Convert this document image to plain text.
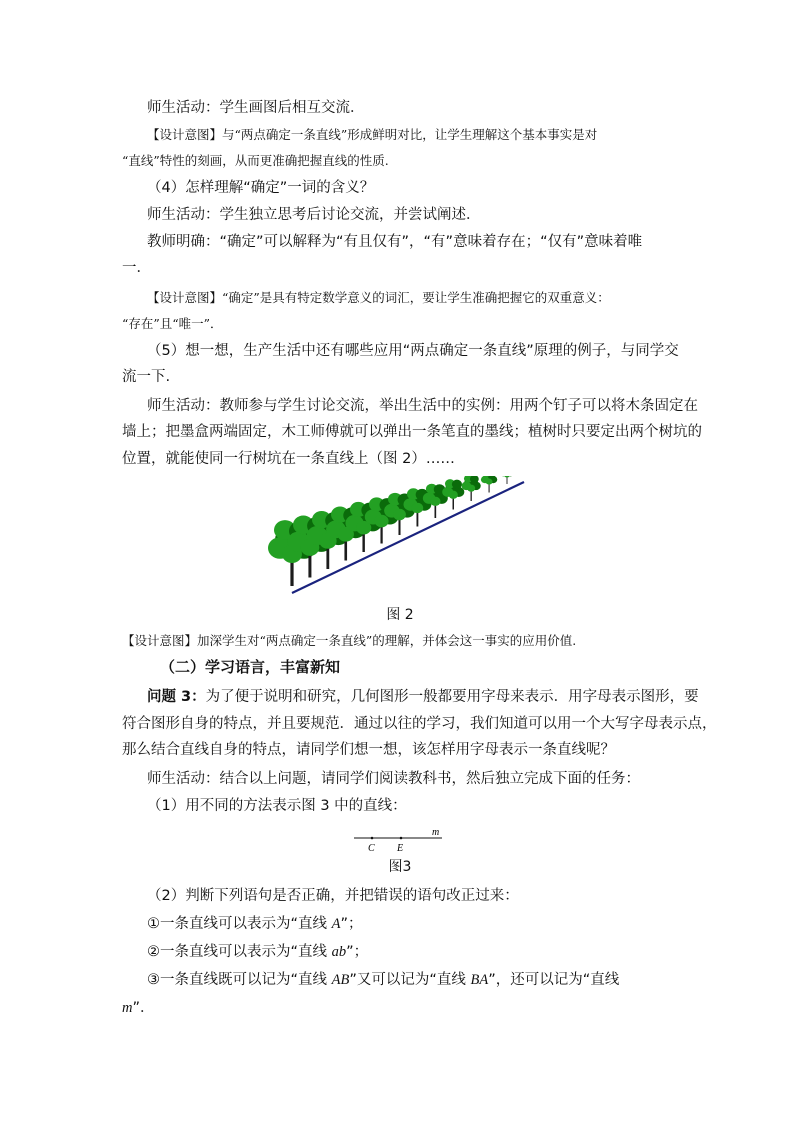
师生活动：学生画图后相互交流．
【设计意图】与“两点确定一条直线”形成鲜明对比，让学生理解这个基本事实是对
“直线”特性的刻画，从而更准确把握直线的性质.
（4）怎样理解“确定”一词的含义？
师生活动：学生独立思考后讨论交流，并尝试阐述．
教师明确：“确定”可以解释为“有且仅有”，“有”意味着存在；“仅有”意味着唯
一．
【设计意图】“确定”是具有特定数学意义的词汇，要让学生准确把握它的双重意义：
“存在”且“唯一”．
（5）想一想，生产生活中还有哪些应用“两点确定一条直线”原理的例子，与同学交
流一下.
师生活动：教师参与学生讨论交流，举出生活中的实例：用两个钉子可以将木条固定在
墙上；把墨盒两端固定，木工师傅就可以弹出一条笔直的墨线；植树时只要定出两个树坑的
位置，就能使同一行树坑在一条直线上（图 2）……
图 2
【设计意图】加深学生对“两点确定一条直线”的理解，并体会这一事实的应用价值.
（二）学习语言，丰富新知
问题 3：为了便于说明和研究，几何图形一般都要用字母来表示．用字母表示图形，要
符合图形自身的特点，并且要规范．通过以往的学习，我们知道可以用一个大写字母表示点，
那么结合直线自身的特点，请同学们想一想，该怎样用字母表示一条直线呢？
师生活动：结合以上问题，请同学们阅读教科书，然后独立完成下面的任务：
（1）用不同的方法表示图 3 中的直线：
C E
m
图3
（2）判断下列语句是否正确，并把错误的语句改正过来：
①一条直线可以表示为“直线 A”；
②一条直线可以表示为“直线 ab”；
③一条直线既可以记为“直线 AB”又可以记为“直线 BA”，还可以记为“直线
m”．
